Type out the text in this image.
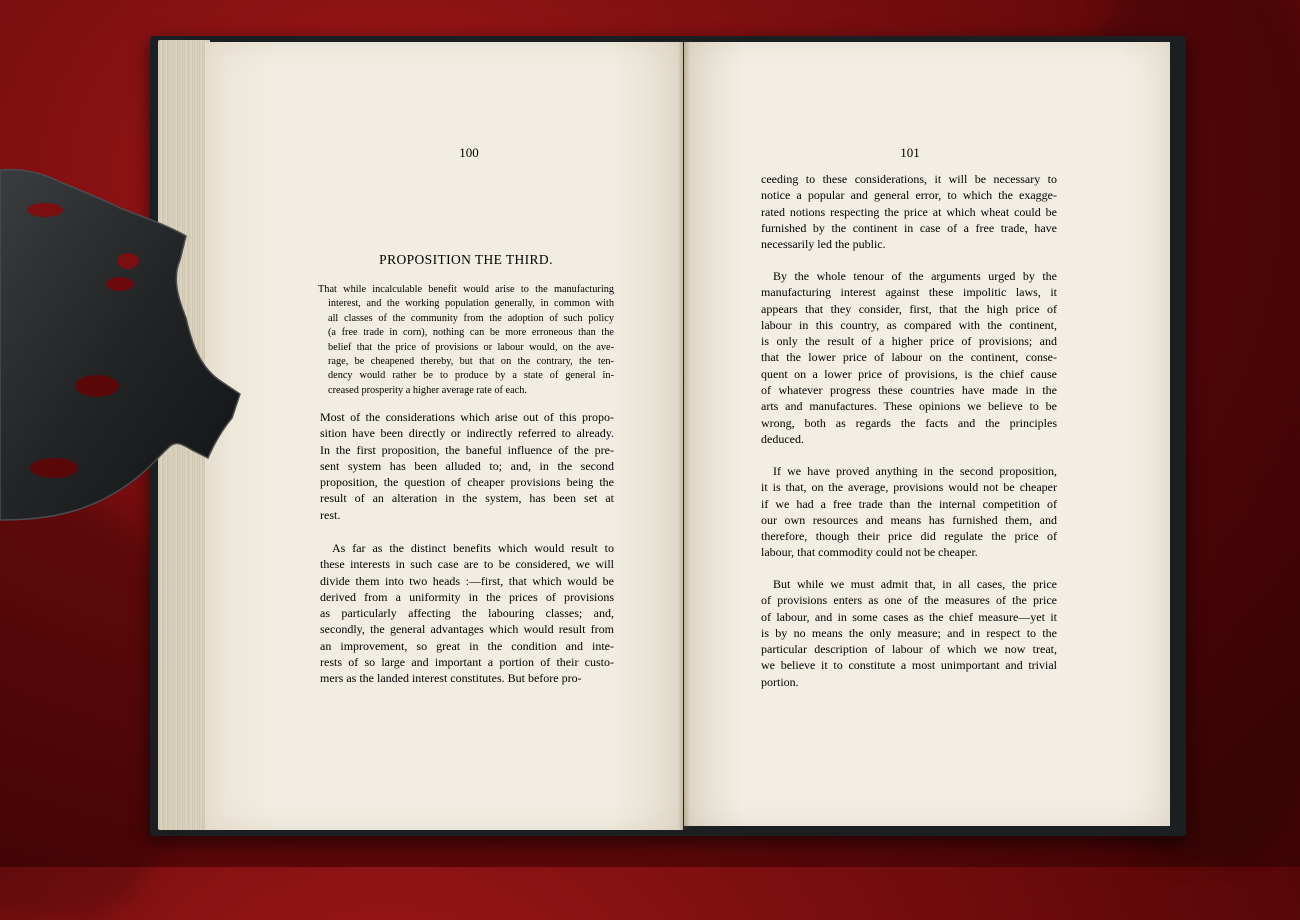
100
PROPOSITION THE THIRD.
That while incalculable benefit would arise to the manufacturing
interest, and the working population generally, in common with
all classes of the community from the adoption of such policy
(a free trade in corn), nothing can be more erroneous than the
belief that the price of provisions or labour would, on the ave-
rage, be cheapened thereby, but that on the contrary, the ten-
dency would rather be to produce by a state of general in-
creased prosperity a higher average rate of each.
Most of the considerations which arise out of this propo-
sition have been directly or indirectly referred to already.
In the first proposition, the baneful influence of the pre-
sent system has been alluded to; and, in the second
proposition, the question of cheaper provisions being the
result of an alteration in the system, has been set at
rest.
As far as the distinct benefits which would result to
these interests in such case are to be considered, we will
divide them into two heads :—first, that which would be
derived from a uniformity in the prices of provisions
as particularly affecting the labouring classes; and,
secondly, the general advantages which would result from
an improvement, so great in the condition and inte-
rests of so large and important a portion of their custo-
mers as the landed interest constitutes. But before pro-
101
ceeding to these considerations, it will be necessary to
notice a popular and general error, to which the exagge-
rated notions respecting the price at which wheat could be
furnished by the continent in case of a free trade, have
necessarily led the public.
By the whole tenour of the arguments urged by the
manufacturing interest against these impolitic laws, it
appears that they consider, first, that the high price of
labour in this country, as compared with the continent,
is only the result of a higher price of provisions; and
that the lower price of labour on the continent, conse-
quent on a lower price of provisions, is the chief cause
of whatever progress these countries have made in the
arts and manufactures. These opinions we believe to be
wrong, both as regards the facts and the principles
deduced.
If we have proved anything in the second proposition,
it is that, on the average, provisions would not be cheaper
if we had a free trade than the internal competition of
our own resources and means has furnished them, and
therefore, though their price did regulate the price of
labour, that commodity could not be cheaper.
But while we must admit that, in all cases, the price
of provisions enters as one of the measures of the price
of labour, and in some cases as the chief measure—yet it
is by no means the only measure; and in respect to the
particular description of labour of which we now treat,
we believe it to constitute a most unimportant and trivial
portion.
